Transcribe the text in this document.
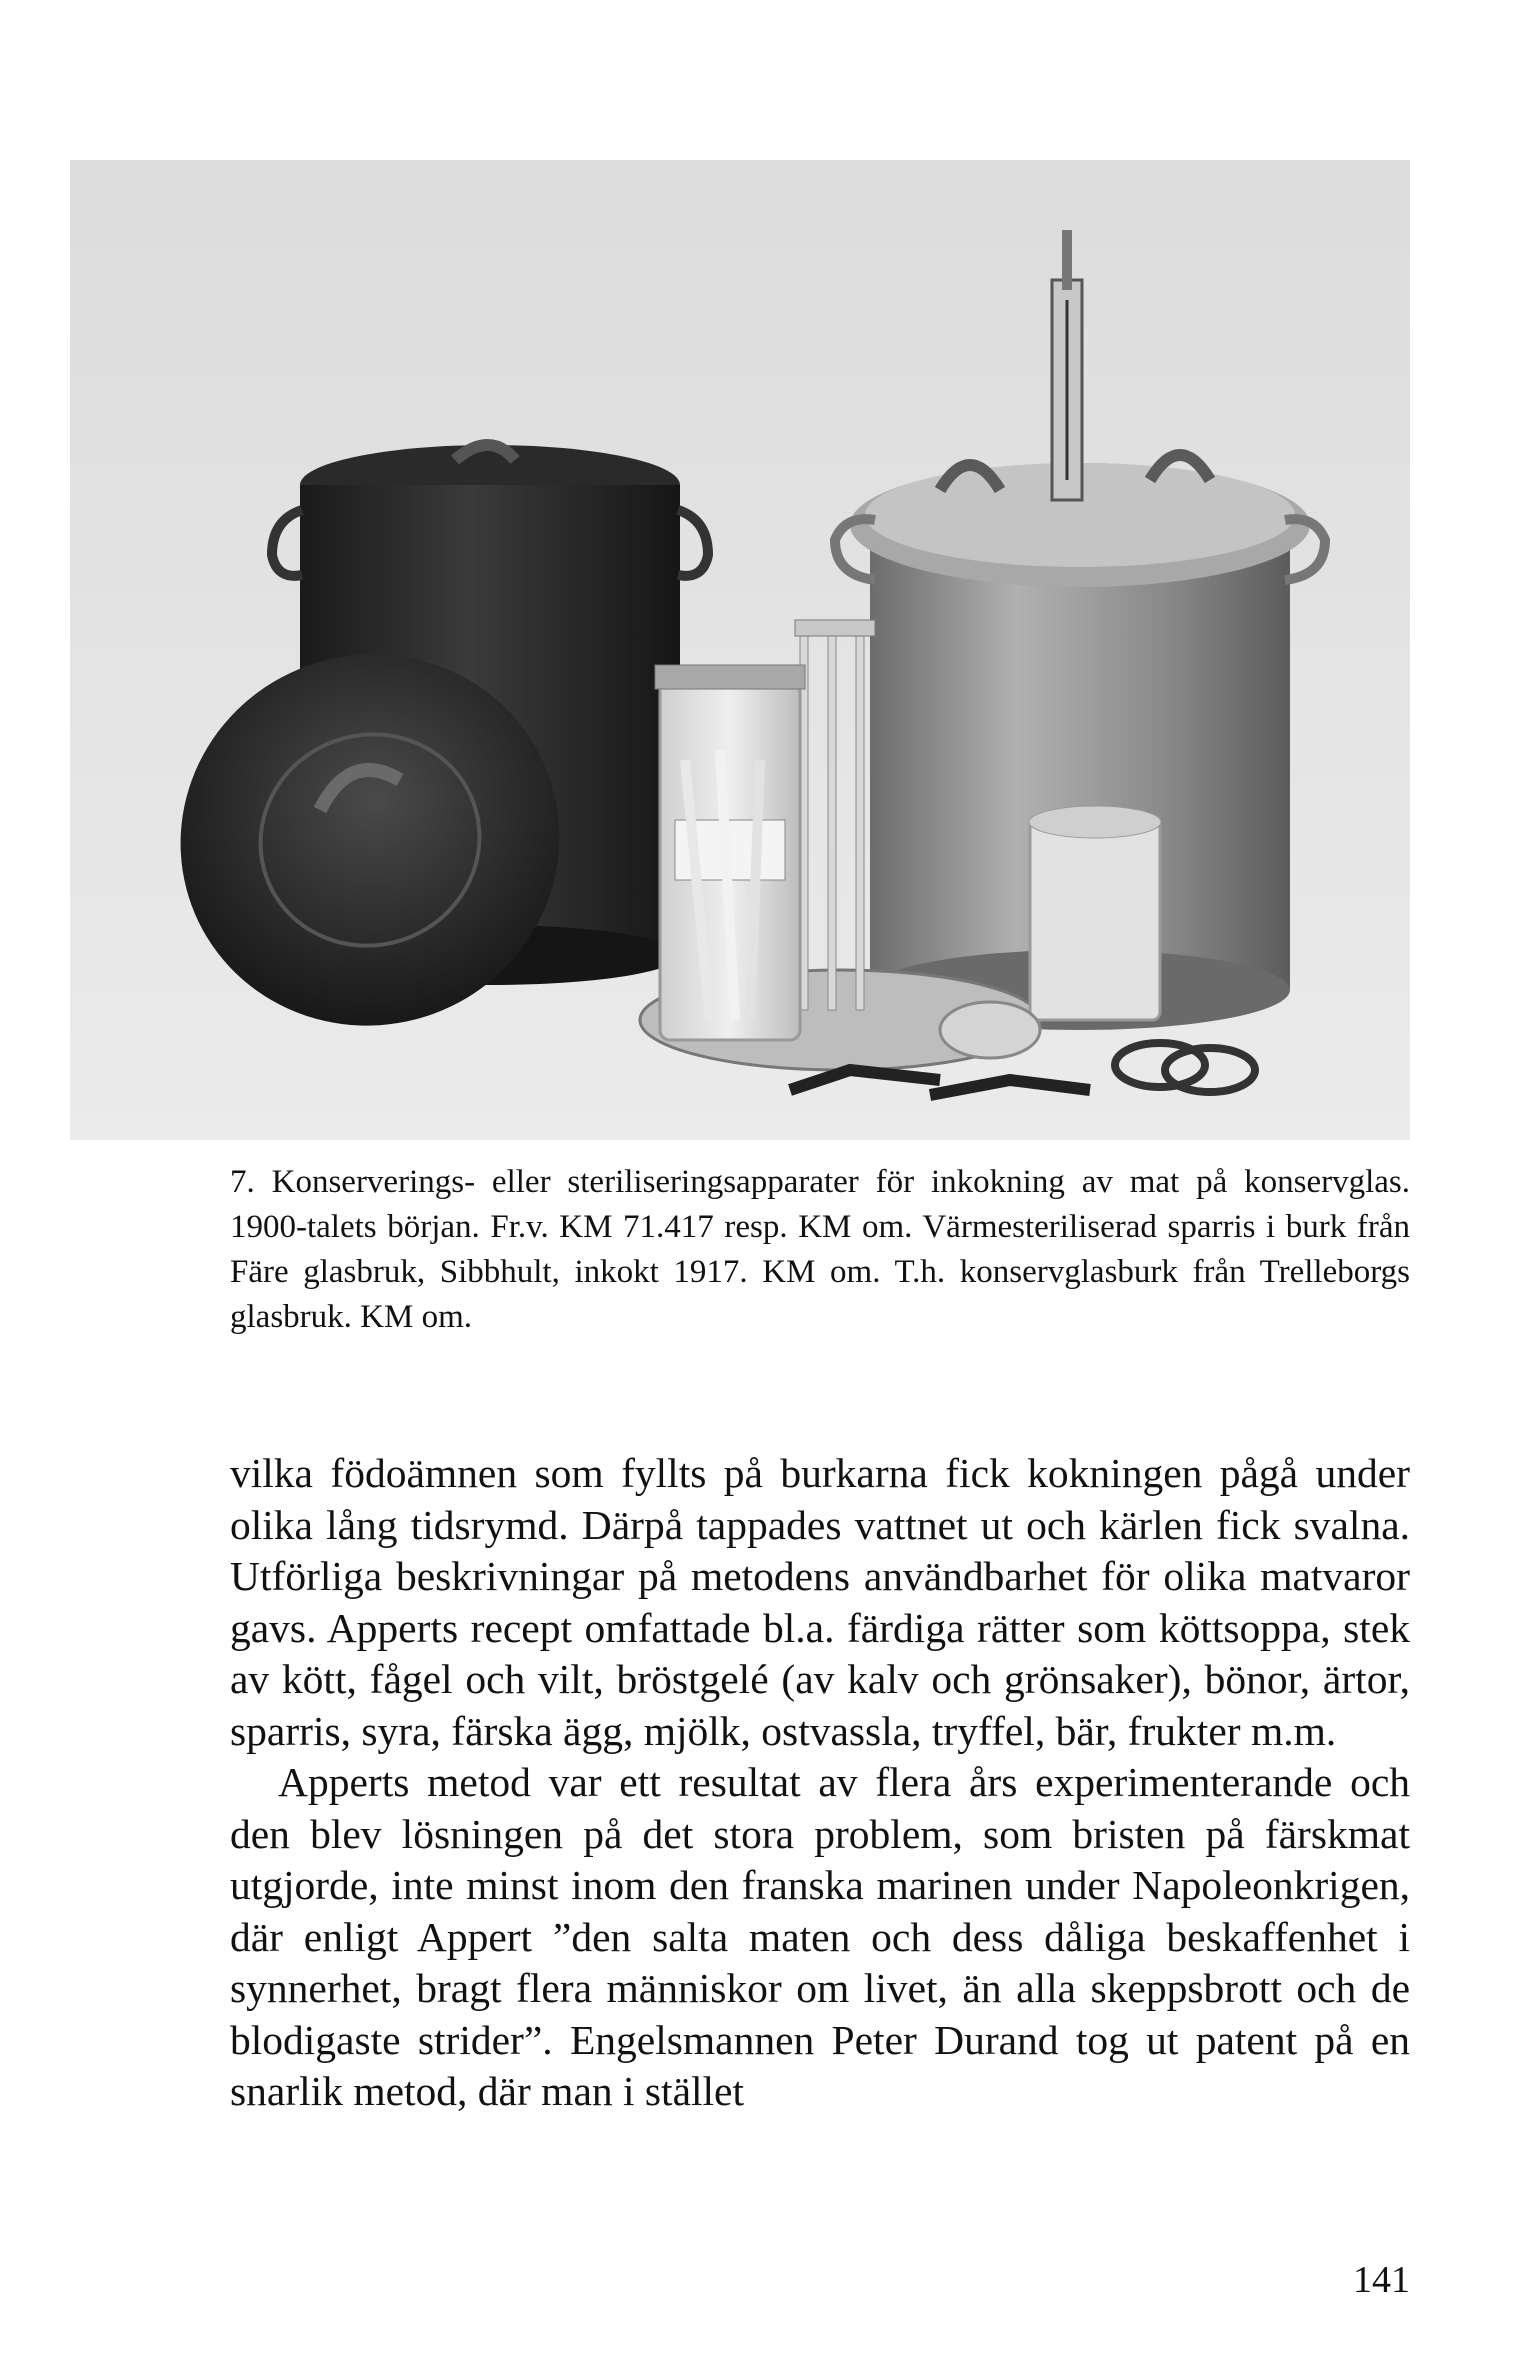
7. Konserverings- eller steriliseringsapparater för inkokning av mat på konservglas. 1900-talets början. Fr.v. KM 71.417 resp. KM om. Värmesteriliserad sparris i burk från Färe glasbruk, Sibbhult, inkokt 1917. KM om. T.h. konservglasburk från Trelleborgs glasbruk. KM om.

vilka födoämnen som fyllts på burkarna fick kokningen pågå under olika lång tidsrymd. Därpå tappades vattnet ut och kärlen fick svalna. Utförliga beskrivningar på metodens användbarhet för olika matvaror gavs. Apperts recept omfattade bl.a. färdiga rätter som köttsoppa, stek av kött, fågel och vilt, bröstgelé (av kalv och grönsaker), bönor, ärtor, sparris, syra, färska ägg, mjölk, ostvassla, tryffel, bär, frukter m.m.

Apperts metod var ett resultat av flera års experimenterande och den blev lösningen på det stora problem, som bristen på färskmat utgjorde, inte minst inom den franska marinen under Napoleonkrigen, där enligt Appert ”den salta maten och dess dåliga beskaffenhet i synnerhet, bragt flera människor om livet, än alla skeppsbrott och de blodigaste strider”. Engelsmannen Peter Durand tog ut patent på en snarlik metod, där man i stället

141
